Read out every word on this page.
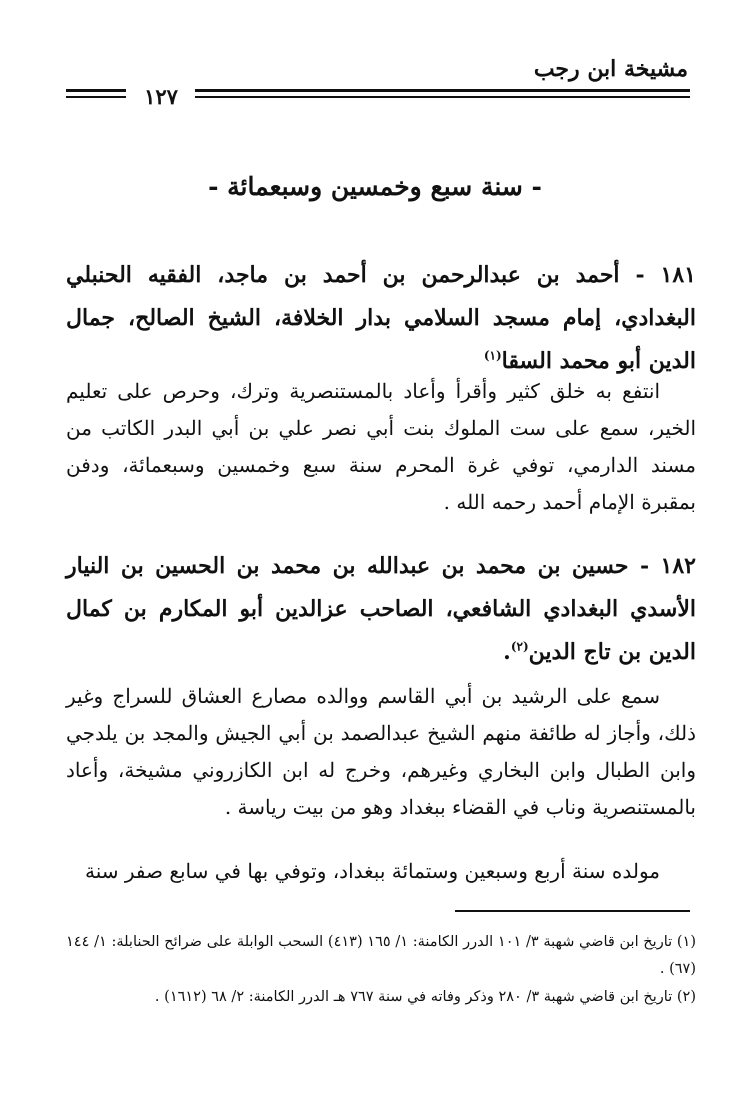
مشيخة ابن رجب
١٢٧
- سنة سبع وخمسين وسبعمائة -
١٨١ - أحمد بن عبدالرحمن بن أحمد بن ماجد، الفقيه الحنبلي البغدادي، إمام مسجد السلامي بدار الخلافة، الشيخ الصالح، جمال الدين أبو محمد السقا$^{(١)}$
انتفع به خلق كثير وأقرأ وأعاد بالمستنصرية وترك، وحرص على تعليم الخير، سمع على ست الملوك بنت أبي نصر علي بن أبي البدر الكاتب من مسند الدارمي، توفي غرة المحرم سنة سبع وخمسين وسبعمائة، ودفن بمقبرة الإمام أحمد رحمه الله .
١٨٢ - حسين بن محمد بن عبدالله بن محمد بن الحسين بن النيار الأسدي البغدادي الشافعي، الصاحب عزالدين أبو المكارم بن كمال الدين بن تاج الدين$^{(٢)}$.
سمع على الرشيد بن أبي القاسم ووالده مصارع العشاق للسراج وغير ذلك، وأجاز له طائفة منهم الشيخ عبدالصمد بن أبي الجيش والمجد بن يلدجي وابن الطبال وابن البخاري وغيرهم، وخرج له ابن الكازروني مشيخة، وأعاد بالمستنصرية وناب في القضاء ببغداد وهو من بيت رياسة .
مولده سنة أربع وسبعين وستمائة ببغداد، وتوفي بها في سابع صفر سنة
(١) تاريخ ابن قاضي شهبة ٣/ ١٠١ الدرر الكامنة: ١/ ١٦٥ (٤١٣) السحب الوابلة على ضرائح الحنابلة: ١/ ١٤٤ (٦٧) .
(٢) تاريخ ابن قاضي شهبة ٣/ ٢٨٠ وذكر وفاته في سنة ٧٦٧ هـ الدرر الكامنة: ٢/ ٦٨ (١٦١٢) .
